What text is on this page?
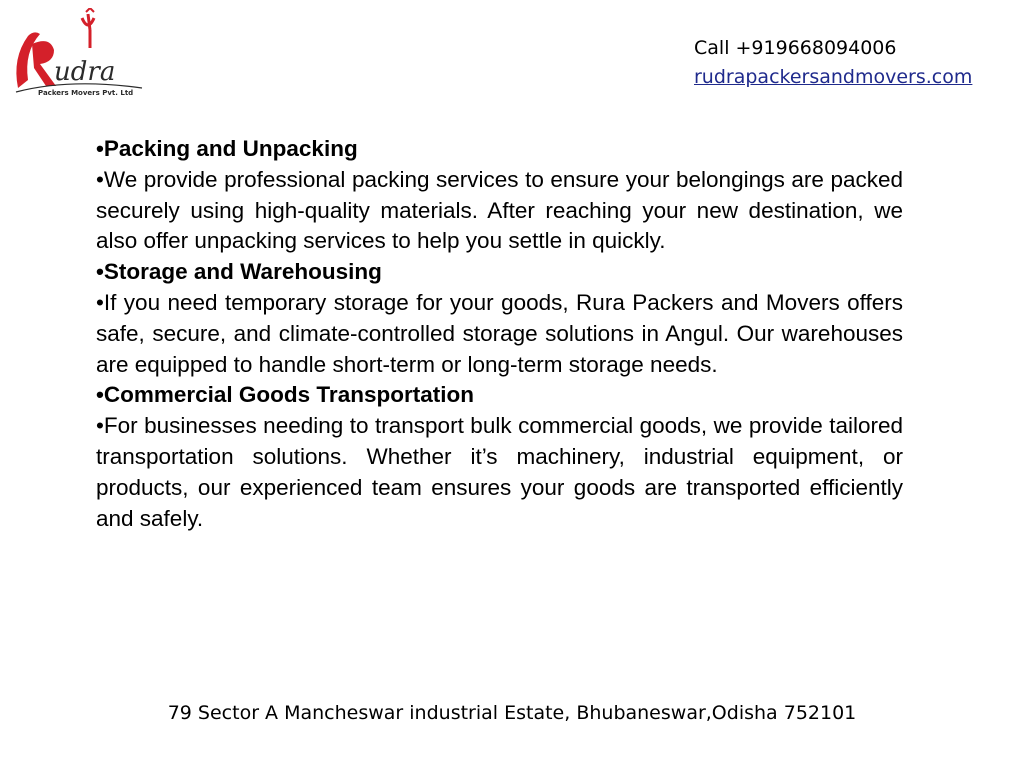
udra
Packers Movers Pvt. Ltd
Call +919668094006
rudrapackersandmovers.com

•Packing and Unpacking

•We provide professional packing services to ensure your belongings are packed securely using high-quality materials. After reaching your new destination, we also offer unpacking services to help you settle in quickly.

•Storage and Warehousing

•If you need temporary storage for your goods, Rura Packers and Movers offers safe, secure, and climate-controlled storage solutions in Angul. Our warehouses are equipped to handle short-term or long-term storage needs.

•Commercial Goods Transportation

•For businesses needing to transport bulk commercial goods, we provide tailored transportation solutions. Whether it’s machinery, industrial equipment, or products, our experienced team ensures your goods are transported efficiently and safely.

79 Sector A Mancheswar industrial Estate, Bhubaneswar,Odisha 752101
